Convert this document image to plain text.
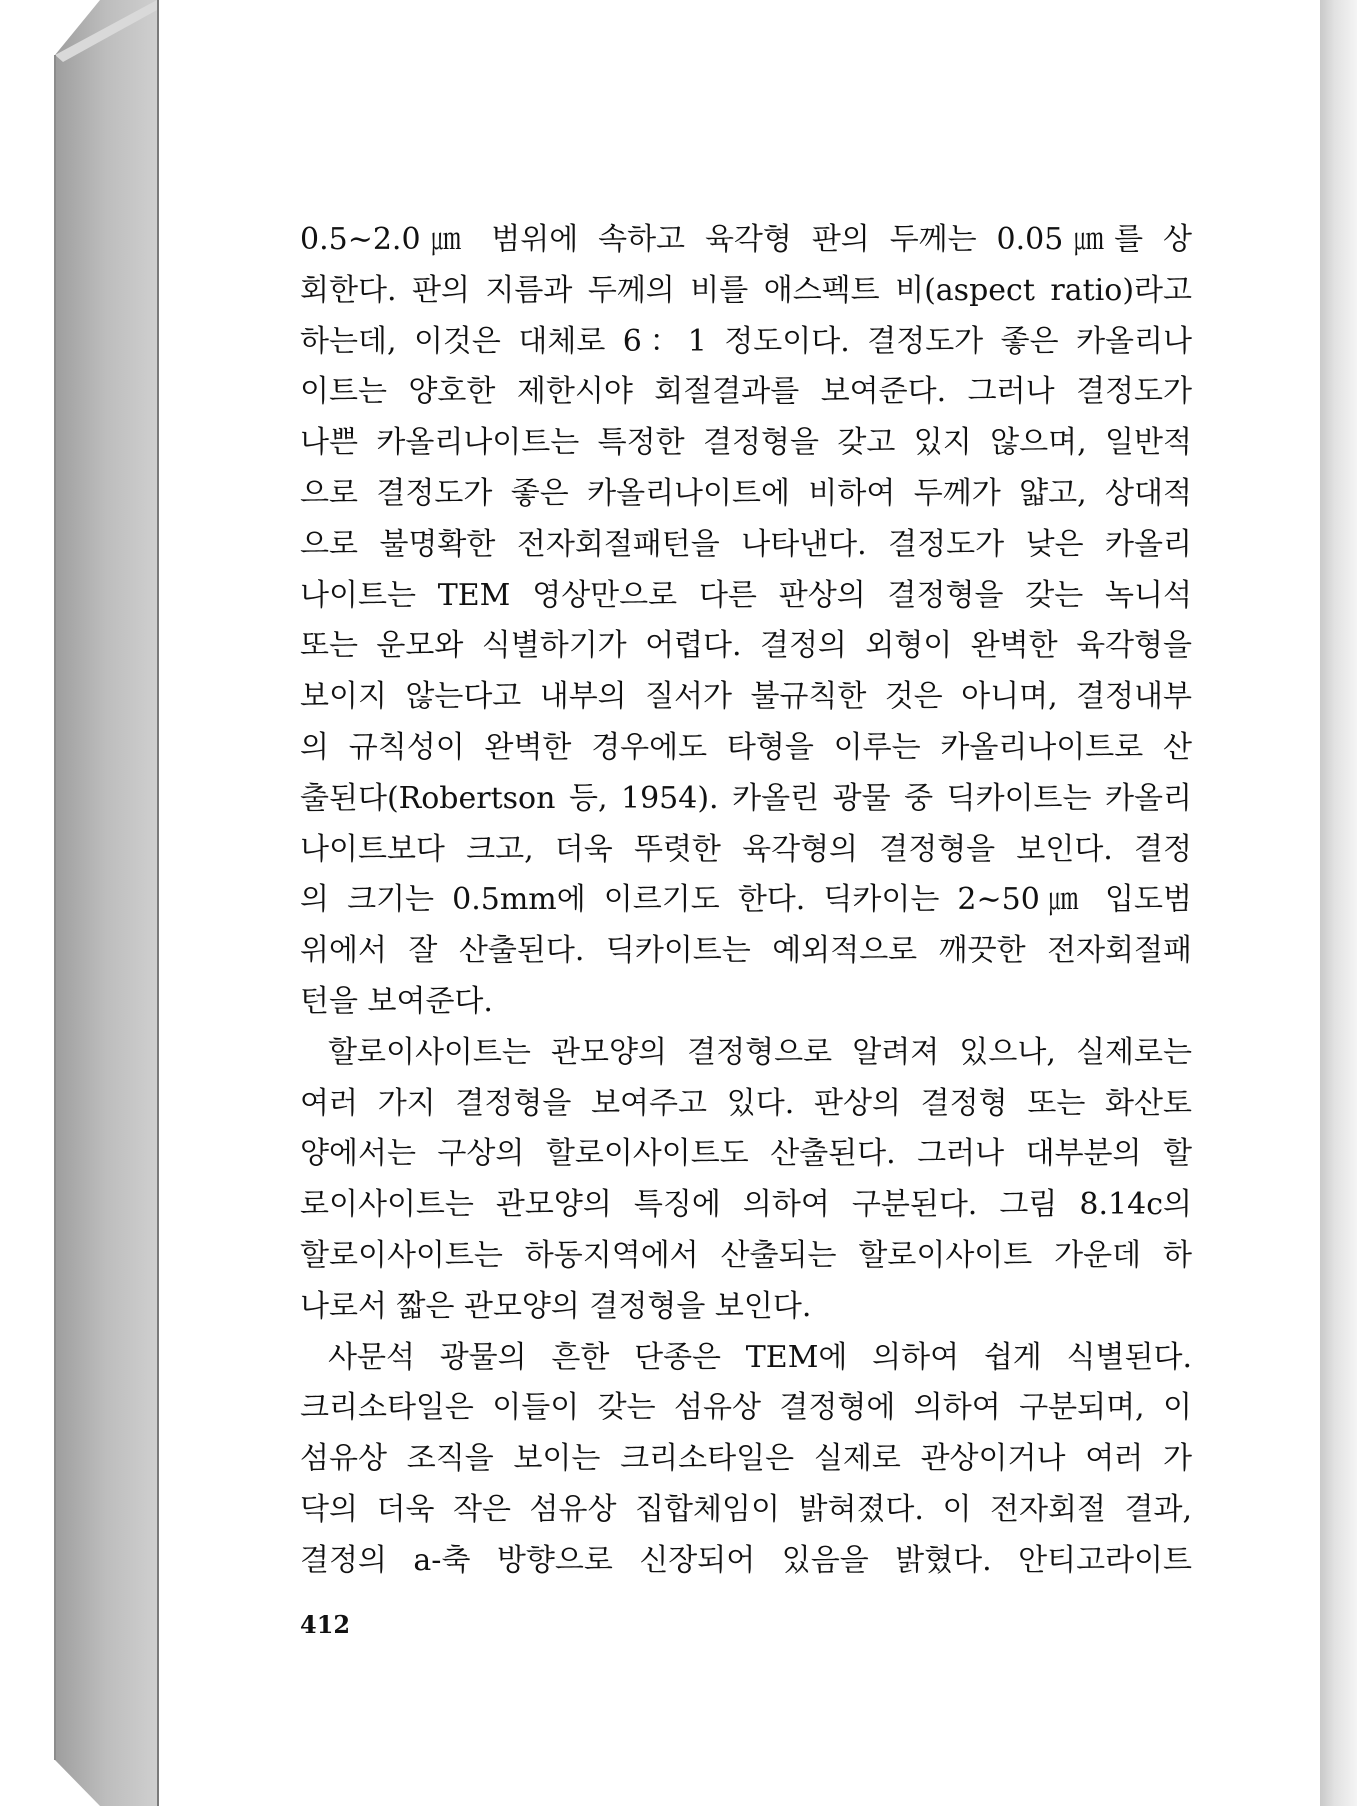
0.5∼2.0㎛ 범위에 속하고 육각형 판의 두께는 0.05㎛를 상
회한다. 판의 지름과 두께의 비를 애스펙트 비(aspect ratio)라고
하는데, 이것은 대체로 6：1 정도이다. 결정도가 좋은 카올리나
이트는 양호한 제한시야 회절결과를 보여준다. 그러나 결정도가
나쁜 카올리나이트는 특정한 결정형을 갖고 있지 않으며, 일반적
으로 결정도가 좋은 카올리나이트에 비하여 두께가 얇고, 상대적
으로 불명확한 전자회절패턴을 나타낸다. 결정도가 낮은 카올리
나이트는 TEM 영상만으로 다른 판상의 결정형을 갖는 녹니석
또는 운모와 식별하기가 어렵다. 결정의 외형이 완벽한 육각형을
보이지 않는다고 내부의 질서가 불규칙한 것은 아니며, 결정내부
의 규칙성이 완벽한 경우에도 타형을 이루는 카올리나이트로 산
출된다(Robertson 등, 1954). 카올린 광물 중 딕카이트는 카올리
나이트보다 크고, 더욱 뚜렷한 육각형의 결정형을 보인다. 결정
의 크기는 0.5mm에 이르기도 한다. 딕카이는 2∼50㎛ 입도범
위에서 잘 산출된다. 딕카이트는 예외적으로 깨끗한 전자회절패
턴을 보여준다.
할로이사이트는 관모양의 결정형으로 알려져 있으나, 실제로는
여러 가지 결정형을 보여주고 있다. 판상의 결정형 또는 화산토
양에서는 구상의 할로이사이트도 산출된다. 그러나 대부분의 할
로이사이트는 관모양의 특징에 의하여 구분된다. 그림 8.14c의
할로이사이트는 하동지역에서 산출되는 할로이사이트 가운데 하
나로서 짧은 관모양의 결정형을 보인다.
사문석 광물의 흔한 단종은 TEM에 의하여 쉽게 식별된다.
크리소타일은 이들이 갖는 섬유상 결정형에 의하여 구분되며, 이
섬유상 조직을 보이는 크리소타일은 실제로 관상이거나 여러 가
닥의 더욱 작은 섬유상 집합체임이 밝혀졌다. 이 전자회절 결과,
결정의 a-축 방향으로 신장되어 있음을 밝혔다. 안티고라이트
412
